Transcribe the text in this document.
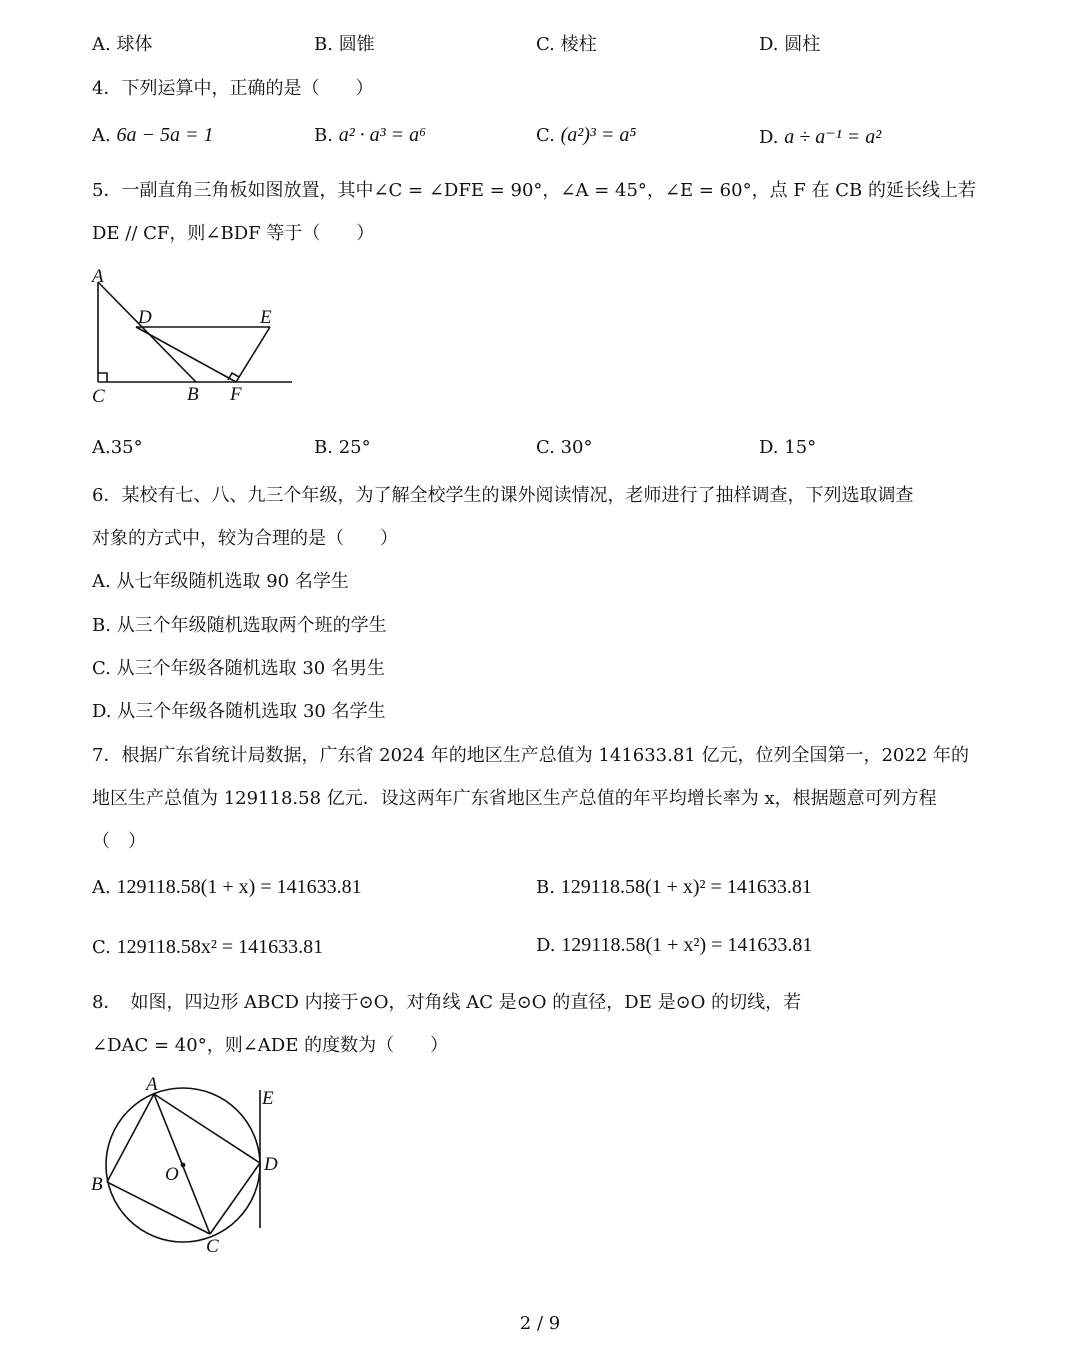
A. 球体	B. 圆锥	C. 棱柱	D. 圆柱
4．下列运算中，正确的是（　　）
A. 6a − 5a = 1	B. a² · a³ = a⁶	C. (a²)³ = a⁵	D. a ÷ a⁻¹ = a²
5．一副直角三角板如图放置，其中∠C = ∠DFE = 90°，∠A = 45°，∠E = 60°，点 F 在 CB 的延长线上若
DE // CF，则∠BDF 等于（　　）
A
C
D	E
B F
A.35°	B. 25°	C. 30°	D. 15°
6．某校有七、八、九三个年级，为了解全校学生的课外阅读情况，老师进行了抽样调查，下列选取调查
对象的方式中，较为合理的是（　　）
A. 从七年级随机选取 90 名学生
B. 从三个年级随机选取两个班的学生
C. 从三个年级各随机选取 30 名男生
D. 从三个年级各随机选取 30 名学生
7．根据广东省统计局数据，广东省 2024 年的地区生产总值为 141633.81 亿元，位列全国第一，2022 年的
地区生产总值为 129118.58 亿元．设这两年广东省地区生产总值的年平均增长率为 x，根据题意可列方程
（　）
A. 129118.58(1 + x) = 141633.81	B. 129118.58(1 + x)² = 141633.81
C. 129118.58x² = 141633.81	D. 129118.58(1 + x²) = 141633.81
8．　如图，四边形 ABCD 内接于⊙O，对角线 AC 是⊙O 的直径，DE 是⊙O 的切线，若
∠DAC = 40°，则∠ADE 的度数为（　　）
A
E
D
O
B
C
2 / 9
